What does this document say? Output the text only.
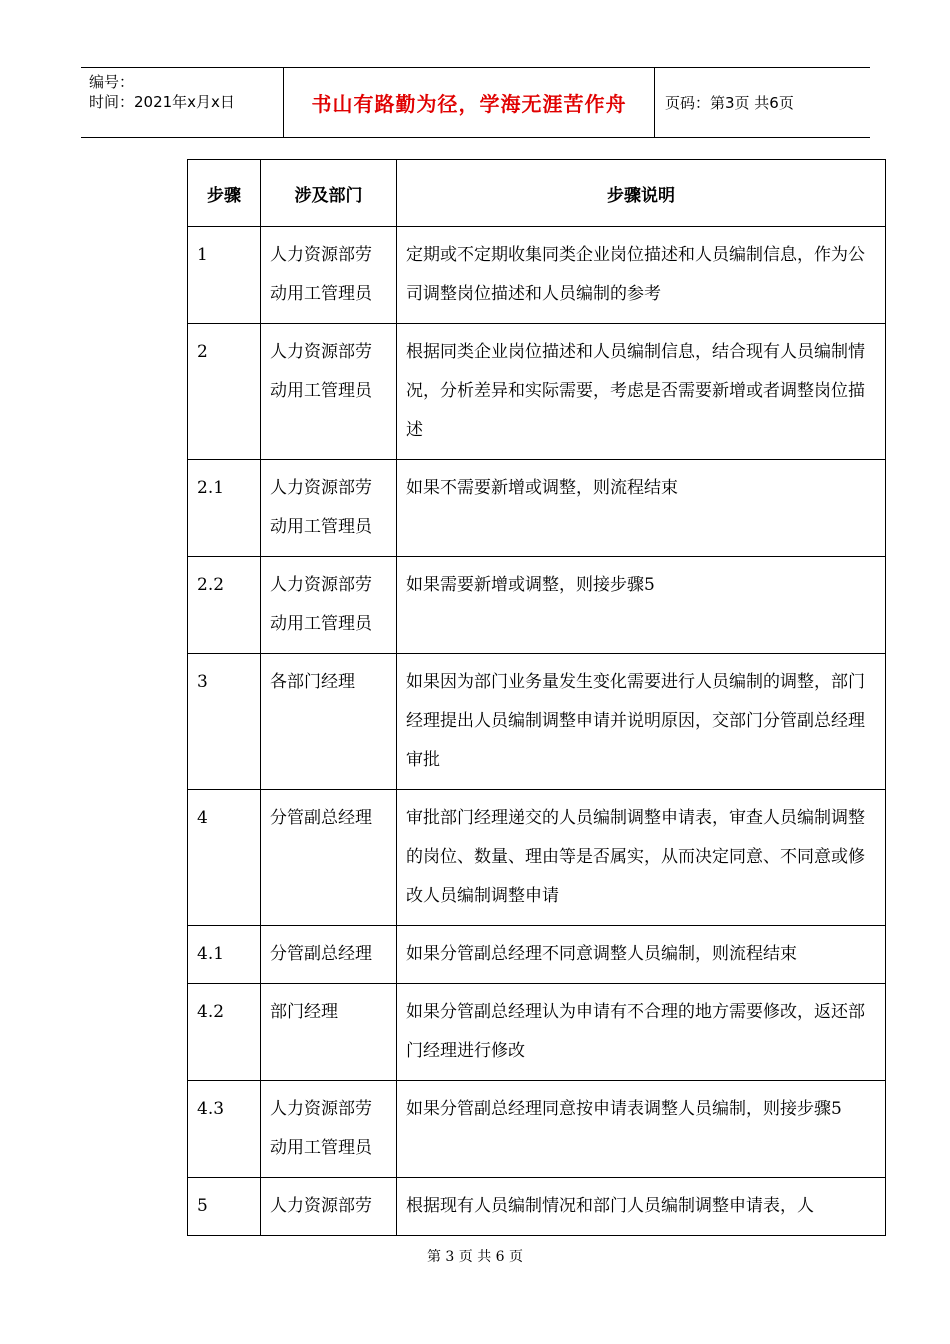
编号：
时间：2021年x月x日	书山有路勤为径，学海无涯苦作舟	页码：第3页 共6页
步骤	涉及部门	步骤说明
1	人力资源部劳动用工管理员	定期或不定期收集同类企业岗位描述和人员编制信息，作为公司调整岗位描述和人员编制的参考
2	人力资源部劳动用工管理员	根据同类企业岗位描述和人员编制信息，结合现有人员编制情况，分析差异和实际需要，考虑是否需要新增或者调整岗位描述
2.1	人力资源部劳动用工管理员	如果不需要新增或调整，则流程结束
2.2	人力资源部劳动用工管理员	如果需要新增或调整，则接步骤5
3	各部门经理	如果因为部门业务量发生变化需要进行人员编制的调整，部门经理提出人员编制调整申请并说明原因，交部门分管副总经理审批
4	分管副总经理	审批部门经理递交的人员编制调整申请表，审查人员编制调整的岗位、数量、理由等是否属实，从而决定同意、不同意或修改人员编制调整申请
4.1	分管副总经理	如果分管副总经理不同意调整人员编制，则流程结束
4.2	部门经理	如果分管副总经理认为申请有不合理的地方需要修改，返还部门经理进行修改
4.3	人力资源部劳动用工管理员	如果分管副总经理同意按申请表调整人员编制，则接步骤5
5	人力资源部劳	根据现有人员编制情况和部门人员编制调整申请表，人
第 3 页 共 6 页
